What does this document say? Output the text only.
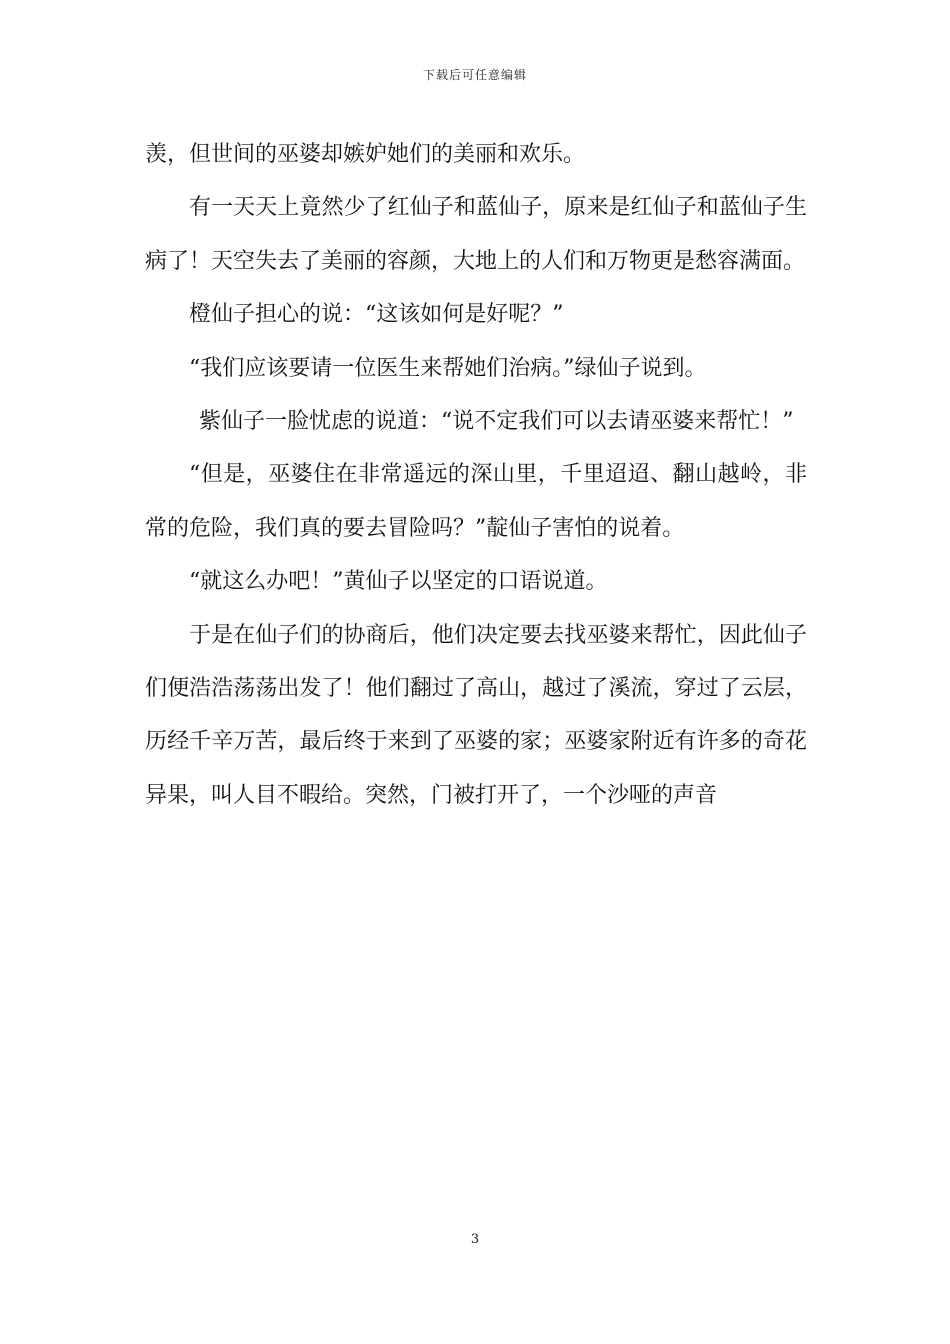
下载后可任意编辑

羡，但世间的巫婆却嫉妒她们的美丽和欢乐。

有一天天上竟然少了红仙子和蓝仙子，原来是红仙子和蓝仙子生病了！天空失去了美丽的容颜，大地上的人们和万物更是愁容满面。

橙仙子担心的说：“这该如何是好呢？”

“我们应该要请一位医生来帮她们治病。”绿仙子说到。

紫仙子一脸忧虑的说道：“说不定我们可以去请巫婆来帮忙！”

“但是，巫婆住在非常遥远的深山里，千里迢迢、翻山越岭，非常的危险，我们真的要去冒险吗？”靛仙子害怕的说着。

“就这么办吧！”黄仙子以坚定的口语说道。

于是在仙子们的协商后，他们决定要去找巫婆来帮忙，因此仙子们便浩浩荡荡出发了！他们翻过了高山，越过了溪流，穿过了云层，历经千辛万苦，最后终于来到了巫婆的家；巫婆家附近有许多的奇花异果，叫人目不暇给。突然，门被打开了，一个沙哑的声音

3
